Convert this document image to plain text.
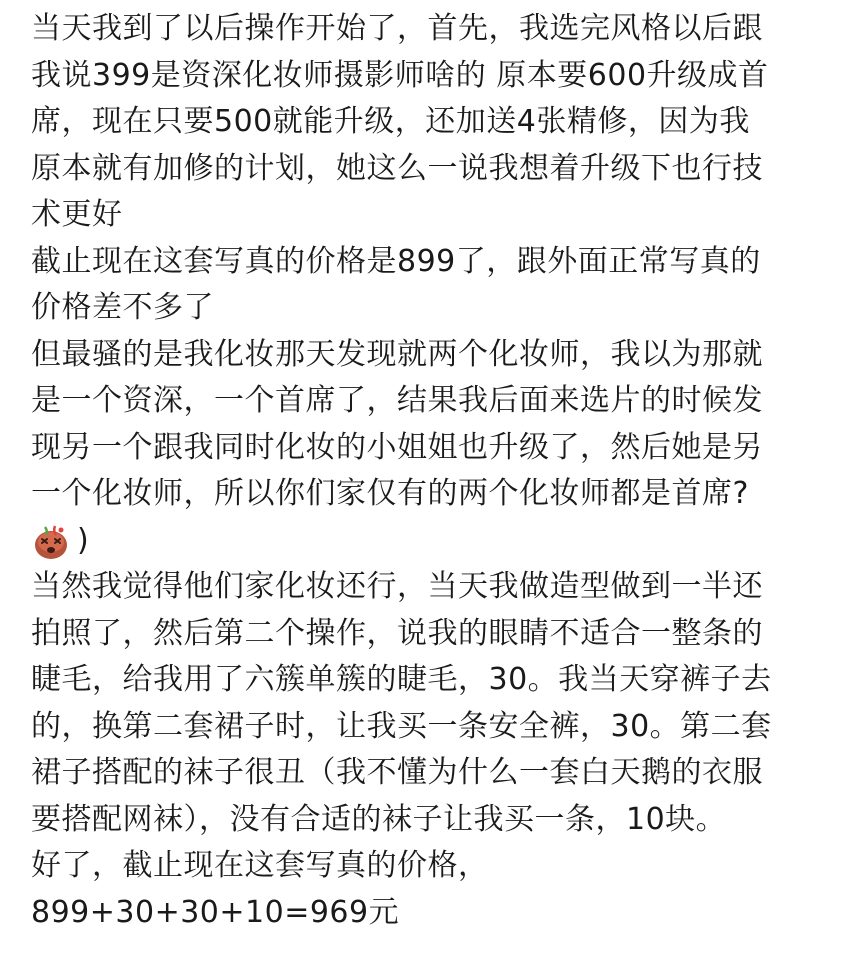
当天我到了以后操作开始了，首先，我选完风格以后跟
我说399是资深化妆师摄影师啥的 原本要600升级成首
席，现在只要500就能升级，还加送4张精修，因为我
原本就有加修的计划，她这么一说我想着升级下也行技
术更好
截止现在这套写真的价格是899了，跟外面正常写真的
价格差不多了
但最骚的是我化妆那天发现就两个化妆师，我以为那就
是一个资深，一个首席了，结果我后面来选片的时候发
现另一个跟我同时化妆的小姐姐也升级了，然后她是另
一个化妆师，所以你们家仅有的两个化妆师都是首席?
)
当然我觉得他们家化妆还行，当天我做造型做到一半还
拍照了，然后第二个操作，说我的眼睛不适合一整条的
睫毛，给我用了六簇单簇的睫毛，30。我当天穿裤子去
的，换第二套裙子时，让我买一条安全裤，30。第二套
裙子搭配的袜子很丑（我不懂为什么一套白天鹅的衣服
要搭配网袜），没有合适的袜子让我买一条，10块。
好了，截止现在这套写真的价格，
899+30+30+10=969元
